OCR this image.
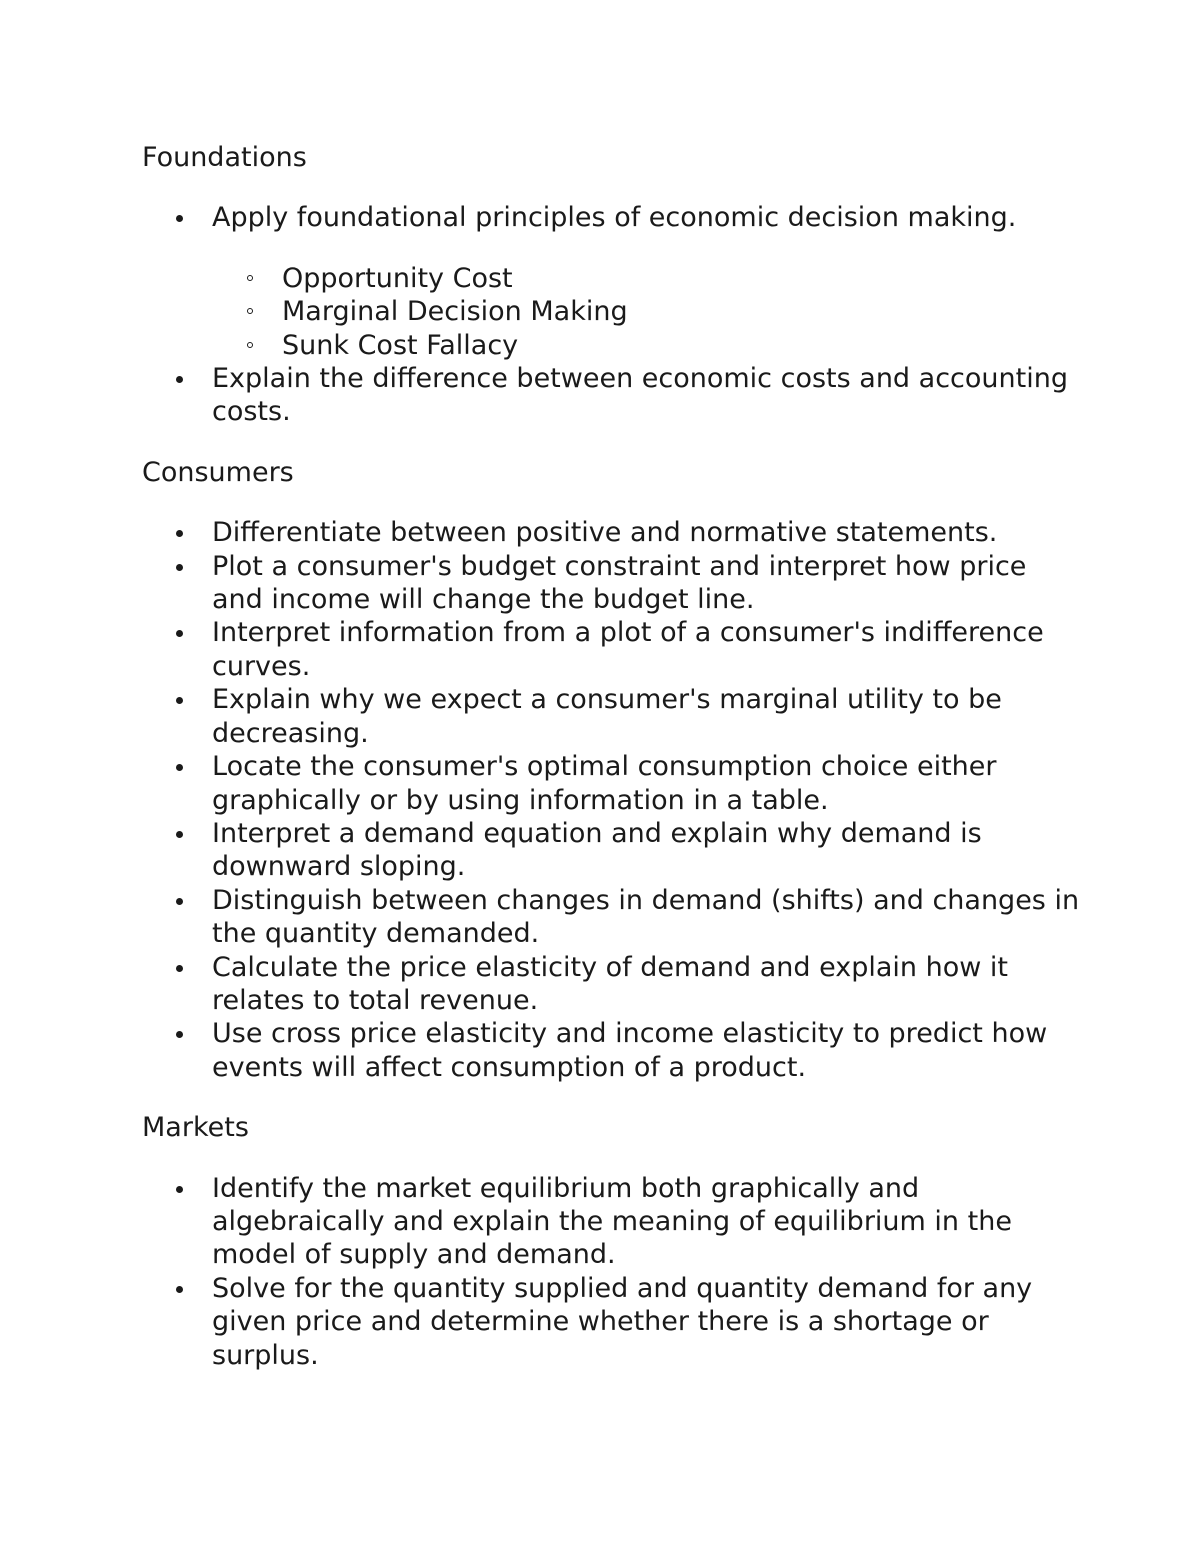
Foundations

Apply foundational principles of economic decision making.
Opportunity Cost
Marginal Decision Making
Sunk Cost Fallacy
Explain the difference between economic costs and accounting costs.

Consumers

Differentiate between positive and normative statements.
Plot a consumer's budget constraint and interpret how price and income will change the budget line.
Interpret information from a plot of a consumer's indifference curves.
Explain why we expect a consumer's marginal utility to be decreasing.
Locate the consumer's optimal consumption choice either graphically or by using information in a table.
Interpret a demand equation and explain why demand is downward sloping.
Distinguish between changes in demand (shifts) and changes in the quantity demanded.
Calculate the price elasticity of demand and explain how it relates to total revenue.
Use cross price elasticity and income elasticity to predict how events will affect consumption of a product.

Markets

Identify the market equilibrium both graphically and algebraically and explain the meaning of equilibrium in the model of supply and demand.
Solve for the quantity supplied and quantity demand for any given price and determine whether there is a shortage or surplus.
